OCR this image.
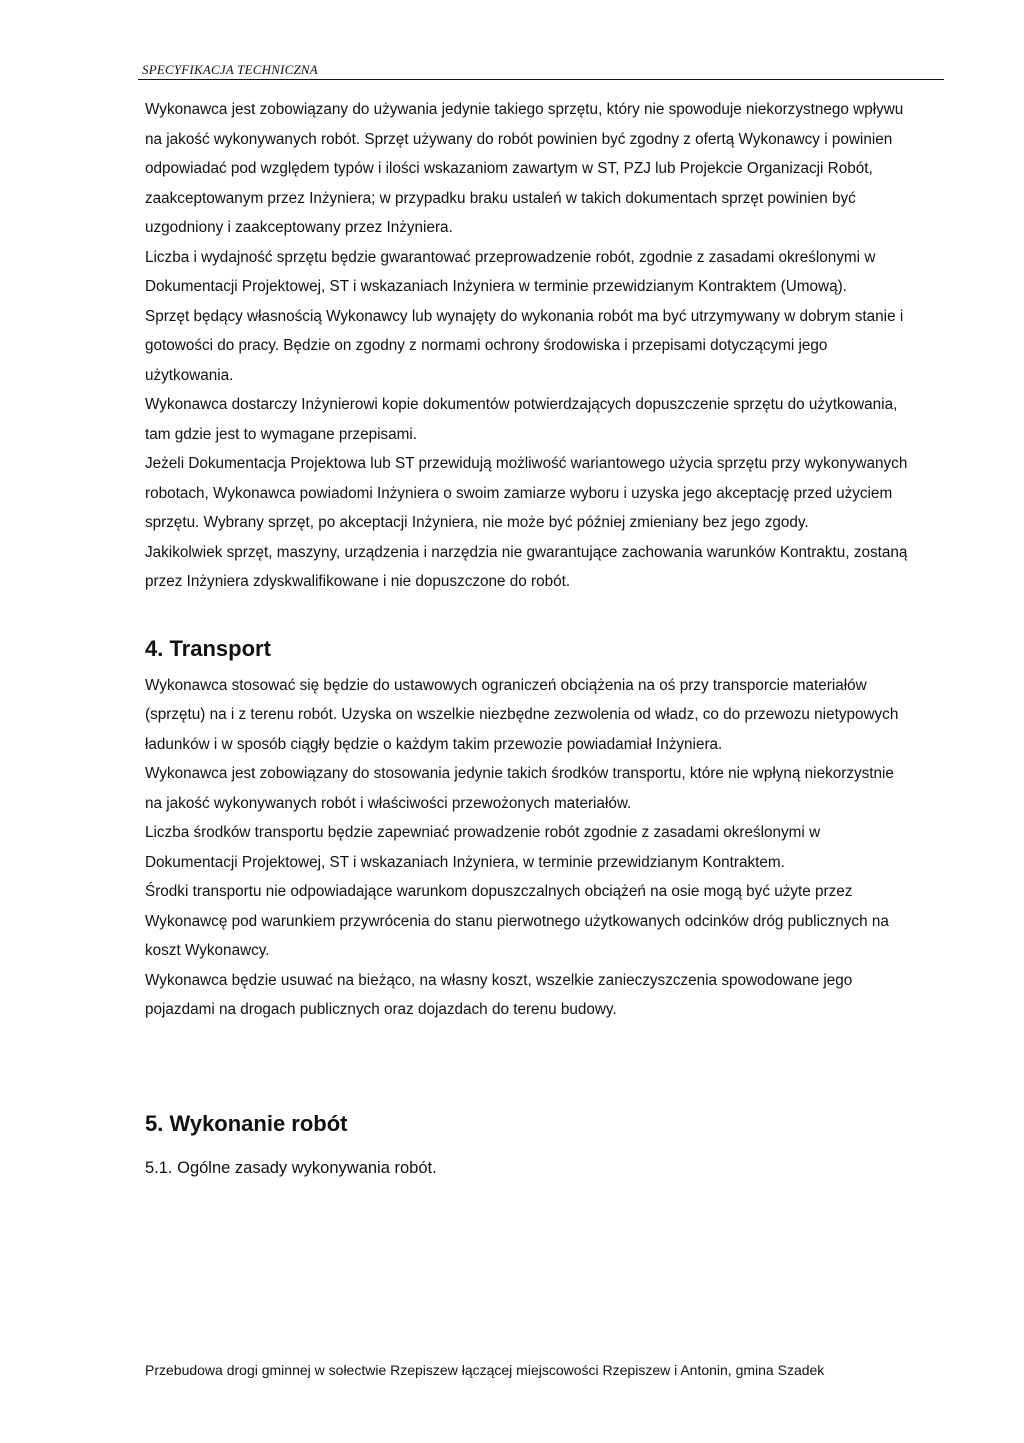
SPECYFIKACJA TECHNICZNA

Wykonawca jest zobowiązany do używania jedynie takiego sprzętu, który nie spowoduje niekorzystnego wpływu na jakość wykonywanych robót. Sprzęt używany do robót powinien być zgodny z ofertą Wykonawcy i powinien odpowiadać pod względem typów i ilości wskazaniom zawartym w ST, PZJ lub Projekcie Organizacji Robót, zaakceptowanym przez Inżyniera; w przypadku braku ustaleń w takich dokumentach sprzęt powinien być uzgodniony i zaakceptowany przez Inżyniera.

Liczba i wydajność sprzętu będzie gwarantować przeprowadzenie robót, zgodnie z zasadami określonymi w Dokumentacji Projektowej, ST i wskazaniach Inżyniera w terminie przewidzianym Kontraktem (Umową).

Sprzęt będący własnością Wykonawcy lub wynajęty do wykonania robót ma być utrzymywany w dobrym stanie i gotowości do pracy. Będzie on zgodny z normami ochrony środowiska i przepisami dotyczącymi jego użytkowania.

Wykonawca dostarczy Inżynierowi kopie dokumentów potwierdzających dopuszczenie sprzętu do użytkowania, tam gdzie jest to wymagane przepisami.

Jeżeli Dokumentacja Projektowa lub ST przewidują możliwość wariantowego użycia sprzętu przy wykonywanych robotach, Wykonawca powiadomi Inżyniera o swoim zamiarze wyboru i uzyska jego akceptację przed użyciem sprzętu. Wybrany sprzęt, po akceptacji Inżyniera, nie może być później zmieniany bez jego zgody.

Jakikolwiek sprzęt, maszyny, urządzenia i narzędzia nie gwarantujące zachowania warunków Kontraktu, zostaną przez Inżyniera zdyskwalifikowane i nie dopuszczone do robót.

4. Transport

Wykonawca stosować się będzie do ustawowych ograniczeń obciążenia na oś przy transporcie materiałów (sprzętu) na i z terenu robót. Uzyska on wszelkie niezbędne zezwolenia od władz, co do przewozu nietypowych ładunków i w sposób ciągły będzie o każdym takim przewozie powiadamiał Inżyniera.

Wykonawca jest zobowiązany do stosowania jedynie takich środków transportu, które nie wpłyną niekorzystnie na jakość wykonywanych robót i właściwości przewożonych materiałów.

Liczba środków transportu będzie zapewniać prowadzenie robót zgodnie z zasadami określonymi w Dokumentacji Projektowej, ST i wskazaniach Inżyniera, w terminie przewidzianym Kontraktem.

Środki transportu nie odpowiadające warunkom dopuszczalnych obciążeń na osie mogą być użyte przez Wykonawcę pod warunkiem przywrócenia do stanu pierwotnego użytkowanych odcinków dróg publicznych na koszt Wykonawcy.

Wykonawca będzie usuwać na bieżąco, na własny koszt, wszelkie zanieczyszczenia spowodowane jego pojazdami na drogach publicznych oraz dojazdach do terenu budowy.

5. Wykonanie robót

5.1. Ogólne zasady wykonywania robót.

Przebudowa drogi gminnej w sołectwie Rzepiszew łączącej miejscowości Rzepiszew i Antonin, gmina Szadek
